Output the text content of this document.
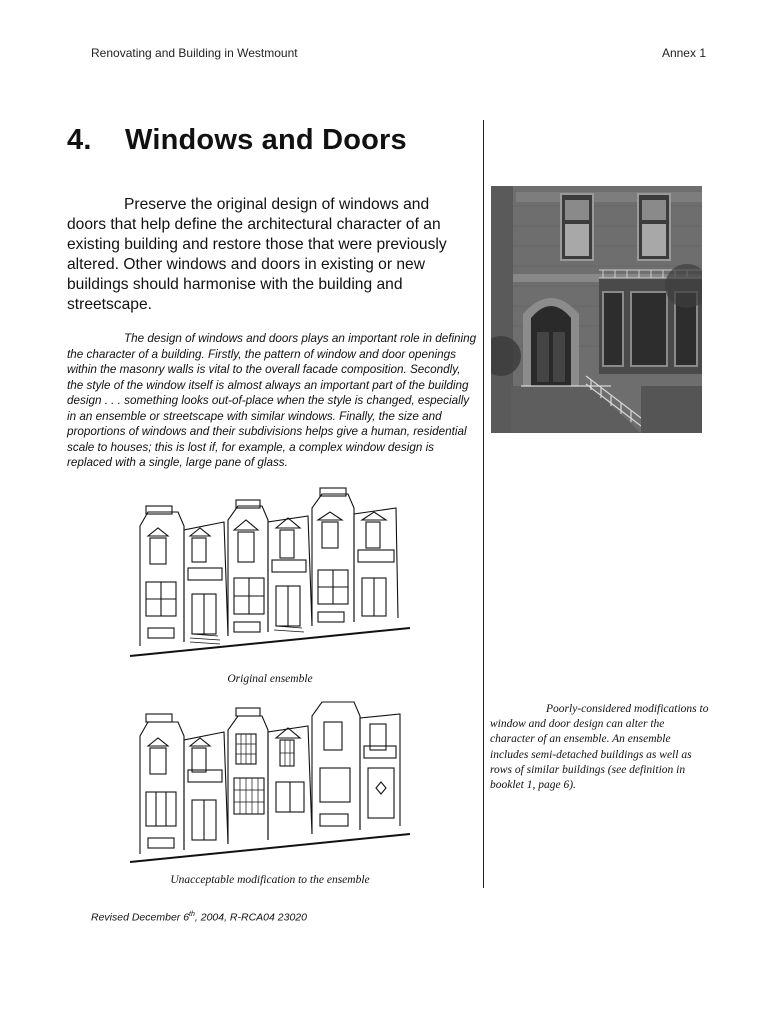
Renovating and Building in Westmount	Annex 1
4. Windows and Doors
Preserve the original design of windows and doors that help define the architectural character of an existing building and restore those that were previously altered. Other windows and doors in existing or new buildings should harmonise with the building and streetscape.
The design of windows and doors plays an important role in defining the character of a building. Firstly, the pattern of window and door openings within the masonry walls is vital to the overall facade composition. Secondly, the style of the window itself is almost always an important part of the building design . . . something looks out-of-place when the style is changed, especially in an ensemble or streetscape with similar windows. Finally, the size and proportions of windows and their subdivisions helps give a human, residential scale to houses; this is lost if, for example, a complex window design is replaced with a single, large pane of glass.
Original ensemble
Unacceptable modification to the ensemble
Poorly-considered modifications to window and door design can alter the character of an ensemble. An ensemble includes semi-detached buildings as well as rows of similar buildings (see definition in booklet 1, page 6).
Revised December 6th, 2004, R-RCA04 23020
